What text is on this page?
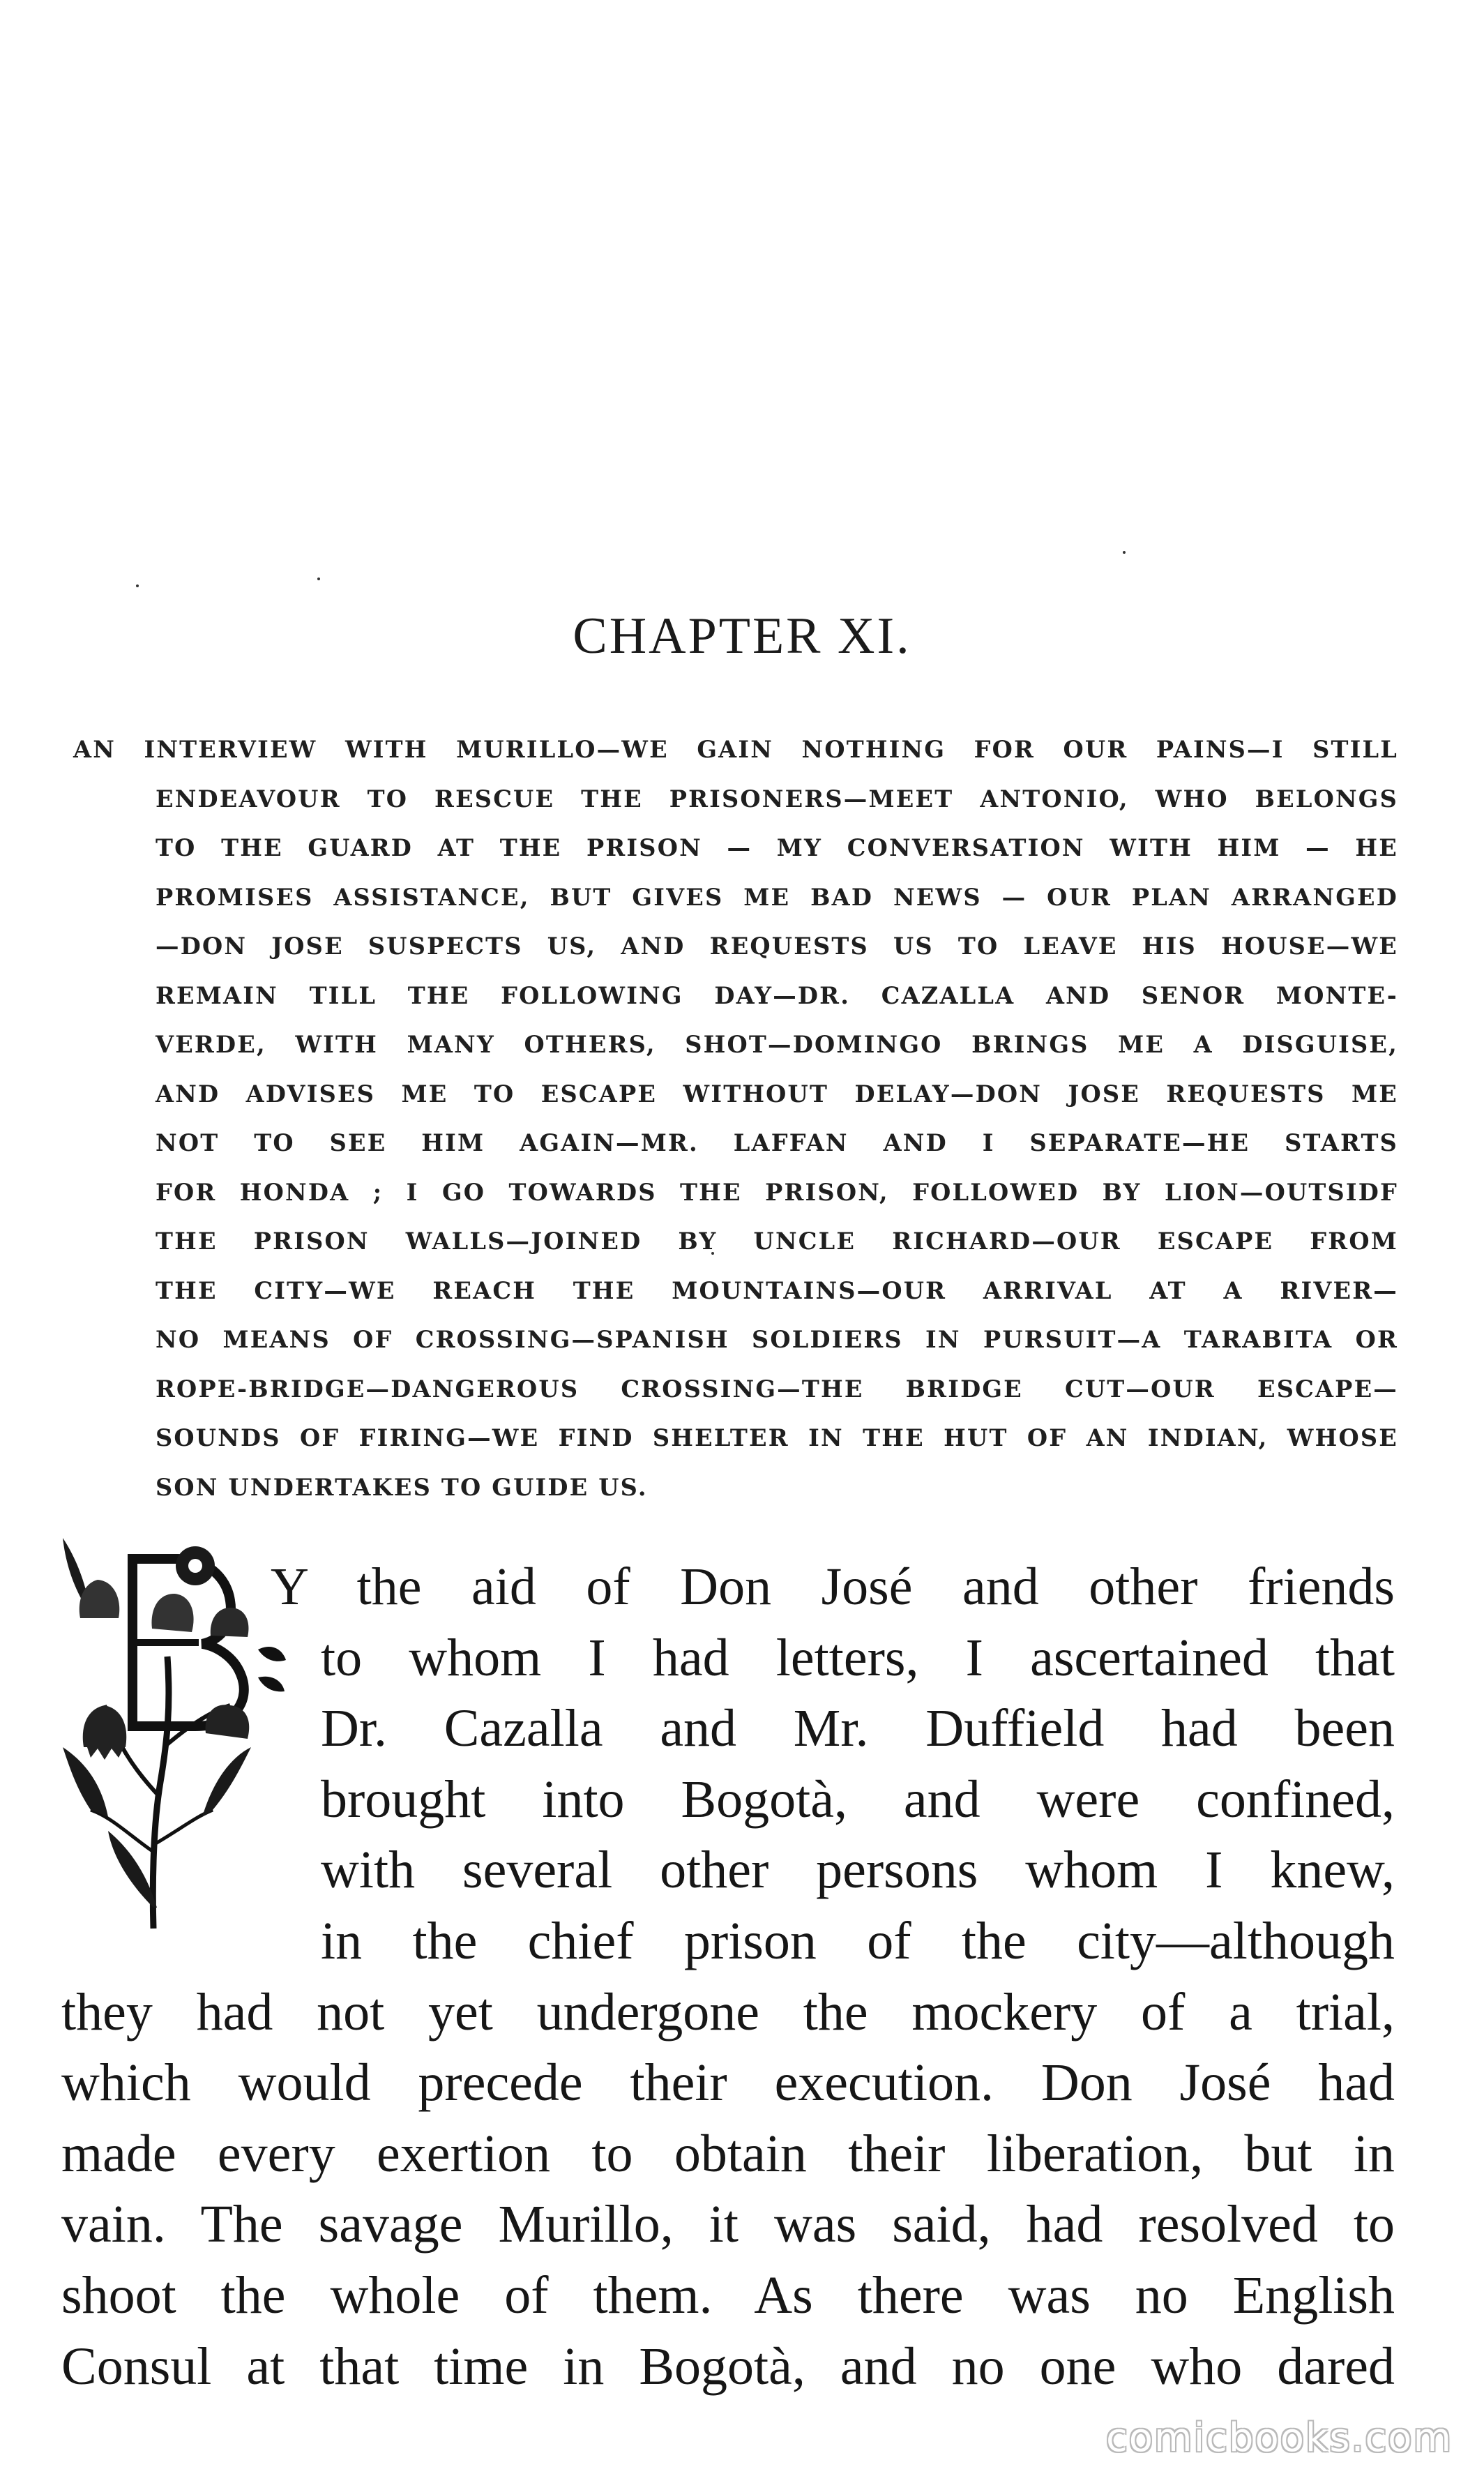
CHAPTER XI.
AN INTERVIEW WITH MURILLO—WE GAIN NOTHING FOR OUR PAINS—I STILL
ENDEAVOUR TO RESCUE THE PRISONERS—MEET ANTONIO, WHO BELONGS
TO THE GUARD AT THE PRISON — MY CONVERSATION WITH HIM — HE
PROMISES ASSISTANCE, BUT GIVES ME BAD NEWS — OUR PLAN ARRANGED
—DON JOSE SUSPECTS US, AND REQUESTS US TO LEAVE HIS HOUSE—WE
REMAIN TILL THE FOLLOWING DAY—DR. CAZALLA AND SENOR MONTE-
VERDE, WITH MANY OTHERS, SHOT—DOMINGO BRINGS ME A DISGUISE,
AND ADVISES ME TO ESCAPE WITHOUT DELAY—DON JOSE REQUESTS ME
NOT TO SEE HIM AGAIN—MR. LAFFAN AND I SEPARATE—HE STARTS
FOR HONDA ; I GO TOWARDS THE PRISON, FOLLOWED BY LION—OUTSIDF
THE PRISON WALLS—JOINED BY UNCLE RICHARD—OUR ESCAPE FROM
THE CITY—WE REACH THE MOUNTAINS—OUR ARRIVAL AT A RIVER—
NO MEANS OF CROSSING—SPANISH SOLDIERS IN PURSUIT—A TARABITA OR
ROPE-BRIDGE—DANGEROUS CROSSING—THE BRIDGE CUT—OUR ESCAPE—
SOUNDS OF FIRING—WE FIND SHELTER IN THE HUT OF AN INDIAN, WHOSE
SON UNDERTAKES TO GUIDE US.
Y the aid of Don José and other friends
to whom I had letters, I ascertained that
Dr. Cazalla and Mr. Duffield had been
brought into Bogotà, and were confined,
with several other persons whom I knew,
in the chief prison of the city—although
they had not yet undergone the mockery of a trial,
which would precede their execution. Don José had
made every exertion to obtain their liberation, but in
vain. The savage Murillo, it was said, had resolved to
shoot the whole of them. As there was no English
Consul at that time in Bogotà, and no one who dared
comicbooks.com
